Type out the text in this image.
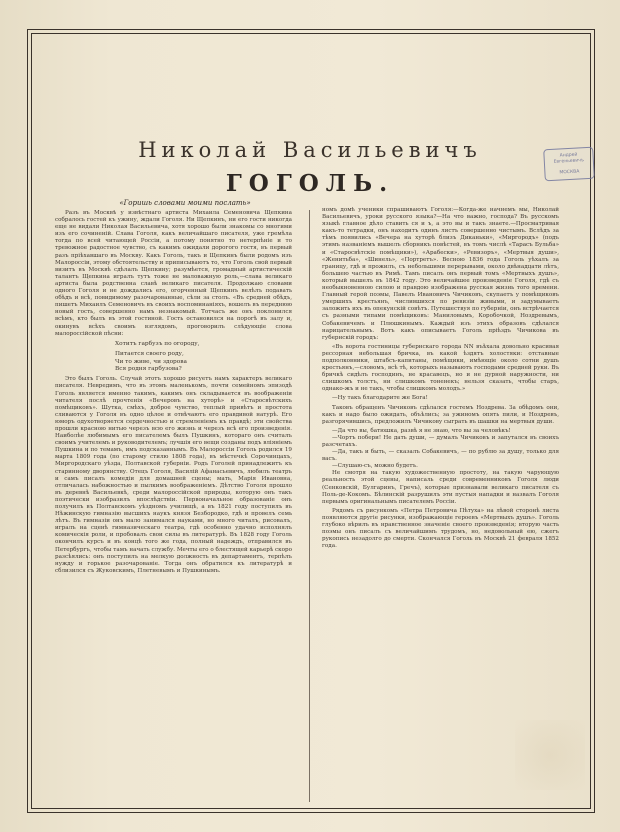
Николай Васильевичъ
ГОГОЛЬ.
Андрей Евгеньевичъ
МОСКВА
«Горишь словами моими послать»

Разъ въ Москвѣ у извѣстнаго артиста Михаила Семеновича Щепкина собралось гостей къ ужину, ждали Гоголя. Ни Щепкинъ, ни его гости никогда еще не видали Николая Васильевича, хотя хорошо были знакомы со многими изъ его сочиненій. Слава Гоголя, какъ величайшаго писателя, уже гремѣла тогда по всей читающей Россіи, а потому понятно то нетерпѣніе и то тревожное радостное чувство, съ какимъ ожидали дорогого гостя, въ первый разъ пріѣхавшаго въ Москву. Какъ Гоголь, такъ и Щепкинъ были родомъ изъ Малороссіи, этому обстоятельству и приписываютъ то, что Гоголь свой первый визитъ въ Москвѣ сдѣлалъ Щепкину; разумѣется, громадный артистическій талантъ Щепкина игралъ тутъ тоже не маловажную роль,—слава великаго артиста была родственна славѣ великаго писателя. Продолжаю словами одного Гоголя и не дождались его, огорченный Щепкинъ велѣлъ подавать обѣдъ и всѣ, повидимому разочарованные, сѣли за столъ. «Въ средней обѣдъ, пишетъ Михаилъ Семеновичъ въ своихъ воспоминаніяхъ, вошелъ въ переднюю новый гость, совершенно намъ незнакомый. Тотчасъ же онъ поклонился всѣмъ, кто былъ въ этой гостиной. Гость остановился на порогѣ въ залу и, окинувъ всѣхъ своимъ взглядомъ, проговорилъ слѣдующіе слова малороссійской пѣсни:

Хотитъ гарбузъ по огороду,
Питается своего роду,
Чи то живе, чи здорова
Вся родня гарбузова?

Это былъ Гоголь. Случай этотъ хорошо рисуетъ намъ характеръ великаго писателя. Невредимъ, что въ этомъ маленькомъ, почти семейномъ эпизодѣ Гоголь является именно такимъ, какимъ онъ складывается въ воображеніи читателя послѣ прочтенія «Вечеровъ на хуторѣ» и «Старосвѣтскихъ помѣщиковъ». Шутка, смѣхъ, доброе чувство, теплый привѣтъ и простота сливаются у Гоголя въ одно цѣлое и отвѣчаютъ его правдивой натурѣ. Его юморъ одухотворяется сердечностью и стремленіемъ къ правдѣ; эти свойства прошли красною нитью черезъ всю его жизнь и черезъ всѣ его произведенія. Наиболѣе любимымъ его писателемъ былъ Пушкинъ, котораго онъ считалъ своимъ учителемъ и руководителемъ; лучшія его вещи созданы подъ вліяніемъ Пушкина и по темамъ, имъ подсказаннымъ. Въ Малороссіи Гоголь родился 19 марта 1809 года (по старому стилю 1808 года), въ мѣстечкѣ Сорочинцахъ, Миргородскаго уѣзда, Полтавской губерніи. Родъ Гоголей принадлежитъ къ старинному дворянству. Отецъ Гоголя, Василій Афанасьевичъ, любилъ театръ и самъ писалъ комедіи для домашней сцены; мать, Марія Ивановна, отличалась набожностью и пылкимъ воображеніемъ. Дѣтство Гоголя прошло въ деревнѣ Васильевкѣ, среди малороссійской природы, которую онъ такъ поэтически изобразилъ впослѣдствіи. Первоначальное образованіе онъ получилъ въ Полтавскомъ уѣздномъ училищѣ, а въ 1821 году поступилъ въ Нѣжинскую гимназію высшихъ наукъ князя Безбородко, гдѣ и провелъ семь лѣтъ. Въ гимназіи онъ мало занимался науками, но много читалъ, рисовалъ, игралъ на сценѣ гимназическаго театра, гдѣ особенно удачно исполнялъ комическія роли, и пробовалъ свои силы въ литературѣ. Въ 1828 году Гоголь окончилъ курсъ и въ концѣ того же года, полный надеждъ, отправился въ Петербургъ, чтобы тамъ начать службу. Мечты его о блестящей карьерѣ скоро разсѣялись: онъ поступилъ на мелкую должность въ департаментъ, терпѣлъ нужду и горькое разочарованіе. Тогда онъ обратился къ литературѣ и сблизился съ Жуковскимъ, Плетневымъ и Пушкинымъ.

номъ домѣ ученики спрашиваютъ Гоголя:—Когда-же начнемъ мы, Николай Васильевичъ, уроки русского языка?—На что важно, господа? Въ русскомъ языкѣ главное дѣло ставить ся и ъ, а это вы и такъ знаете.—Просматривая какъ-то тетрадки, онъ находитъ одинъ листъ совершенно чистымъ. Вслѣдъ за тѣмъ появились «Вечера на хуторѣ близъ Диканьки», «Миргородъ» (подъ этимъ названіемъ вышелъ сборникъ повѣстей, въ томъ числѣ «Тарасъ Бульба» и «Старосвѣтскіе помѣщики»), «Арабески», «Ревизоръ», «Мертвыя души», «Женитьба», «Шинель», «Портретъ». Весною 1836 года Гоголь уѣхалъ за границу, гдѣ и прожилъ, съ небольшими перерывами, около двѣнадцати лѣтъ, большею частью въ Римѣ. Тамъ писалъ онъ первый томъ «Мертвыхъ душъ», который вышелъ въ 1842 году. Это величайшее произведеніе Гоголя, гдѣ съ необыкновенною силою и правдою изображена русская жизнь того времени. Главный герой поэмы, Павелъ Ивановичъ Чичиковъ, скупаетъ у помѣщиковъ умершихъ крестьянъ, числившихся по ревизіи живыми, и задумываетъ заложить ихъ въ опекунскій совѣтъ. Путешествуя по губерніи, онъ встрѣчается съ разными типами помѣщиковъ: Маниловымъ, Коробочкой, Ноздревымъ, Собакевичемъ и Плюшкинымъ. Каждый изъ этихъ образовъ сдѣлался нарицательнымъ. Вотъ какъ описываетъ Гоголь пріѣздъ Чичикова въ губернскій городъ:

«Въ ворота гостиницы губернскаго города NN въѣхала довольно красивая рессорная небольшая бричка, въ какой ѣздятъ холостяки: отставные подполковники, штабсъ-капитаны, помѣщики, имѣющіе около сотни душъ крестьянъ,—словомъ, всѣ тѣ, которыхъ называютъ господами средней руки. Въ бричкѣ сидѣлъ господинъ, не красавецъ, но и не дурной наружности, ни слишкомъ толстъ, ни слишкомъ тоненекъ; нельзя сказать, чтобы старъ, однако-жъ и не такъ, чтобы слишкомъ молодъ.»

—Ну такъ благодарите же Бога!

Таковъ обращенъ Чичиковъ сдѣлался гостемъ Ноздрева. За обѣдомъ они, какъ и надо было ожидать, объѣлись; за ужиномъ опять пили, и Ноздревъ, разгорячившись, предложилъ Чичикову сыграть въ шашки на мертвыя души.

—Да что вы, батюшка, развѣ я не знаю, что вы за человѣкъ!

—Чортъ побери! Не дать души, — думалъ Чичиковъ и запутался въ своихъ разсчетахъ.

—Да, такъ и быть, — сказалъ Собакевичъ, — по рублю за душу, только для васъ.

—Слушаю-съ, можно будетъ.

Не смотря на такую художественную простоту, на такую чарующую реальность этой сцены, написаль среди современниковъ Гоголя люди (Сенковскій, Булгаринъ, Гречъ), которые признавали великаго писателя съ Поль-де-Кокомъ. Бѣлинскій разрушилъ эти пустыя нападки и назвалъ Гоголя первымъ оригинальнымъ писателемъ Россіи.

Рядомъ съ рисункомъ «Петра Петровича Пѣтуха» на лѣвой сторонѣ листа появляются другіе рисунки, изображающіе героевъ «Мертвыхъ душъ». Гоголь глубоко вѣрилъ въ нравственное значеніе своего произведенія; вторую часть поэмы онъ писалъ съ величайшимъ трудомъ, но, недовольный ею, сжегъ рукопись незадолго до смерти. Скончался Гоголь въ Москвѣ 21 февраля 1852 года.
